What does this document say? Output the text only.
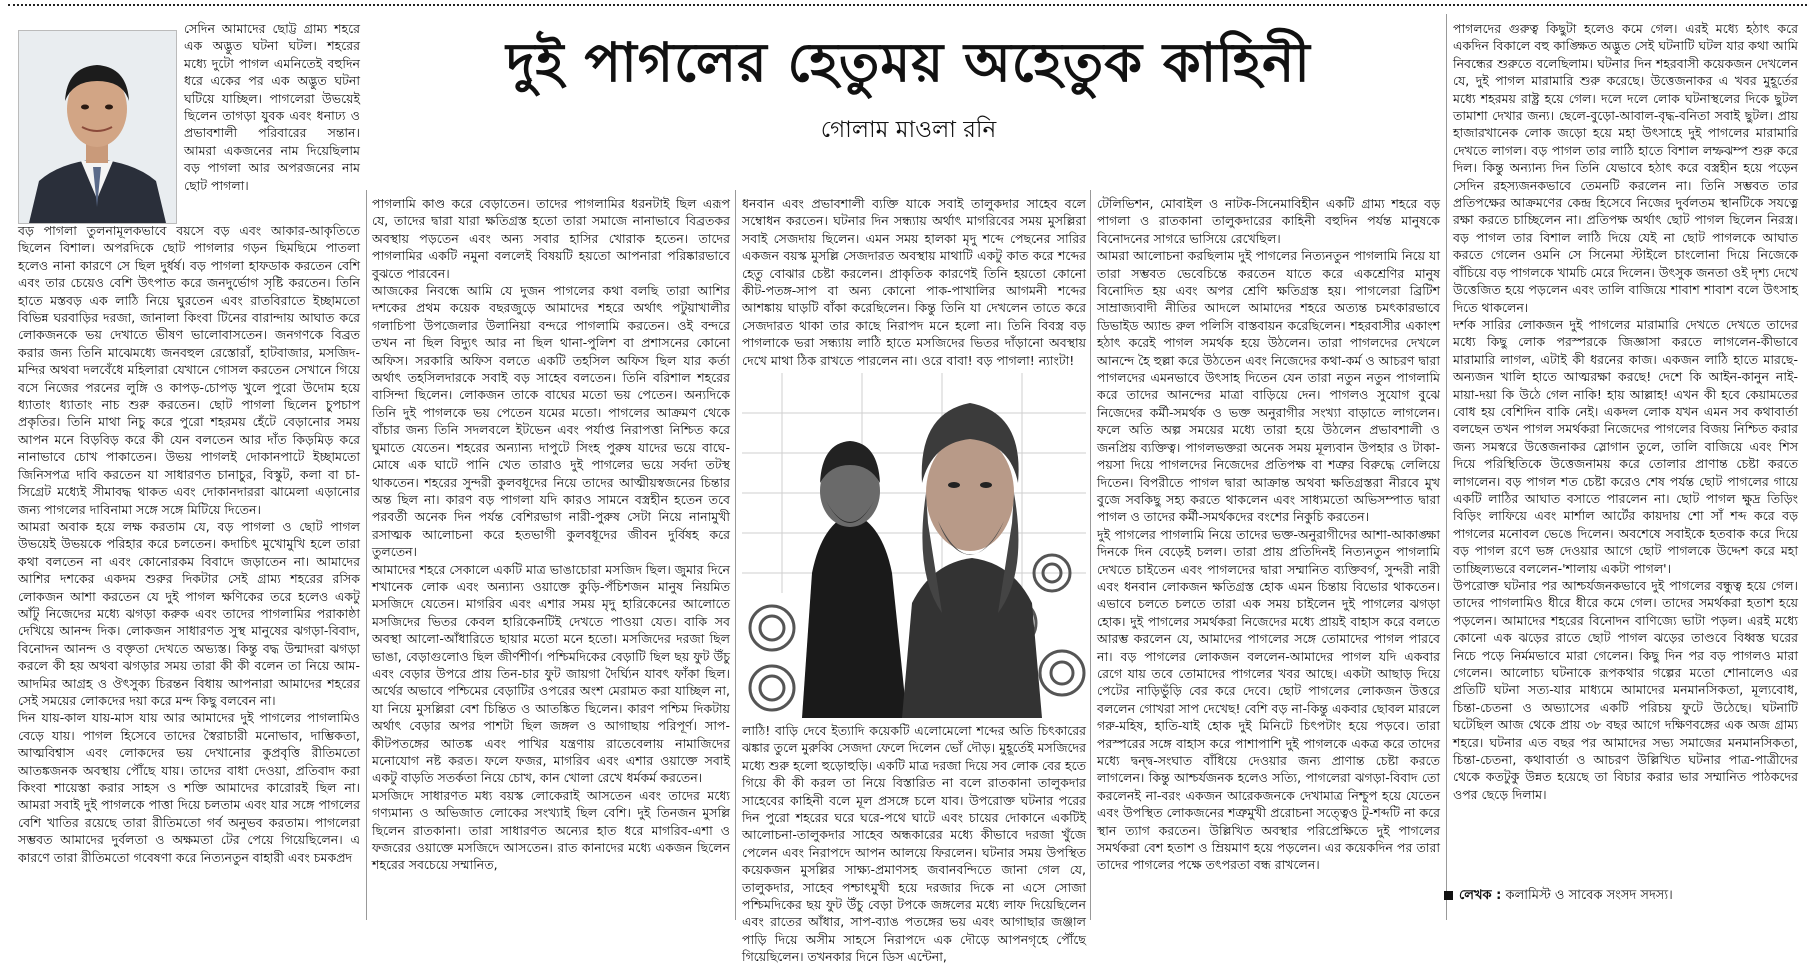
সেদিন আমাদের ছোট্ট গ্রাম্য শহরে এক অদ্ভুত ঘটনা ঘটল। শহরের মধ্যে দুটো পাগল এমনিতেই বহুদিন ধরে একের পর এক অদ্ভুত ঘটনা ঘটিয়ে যাচ্ছিল। পাগলেরা উভয়েই ছিলেন তাগড়া যুবক এবং ধনাঢ্য ও প্রভাবশালী পরিবারের সন্তান। আমরা একজনের নাম দিয়েছিলাম বড় পাগলা আর অপরজনের নাম ছোট পাগলা।

বড় পাগলা তুলনামূলকভাবে বয়সে বড় এবং আকার-আকৃতিতে ছিলেন বিশাল। অপরদিকে ছোট পাগলার গড়ন ছিমছিমে পাতলা হলেও নানা কারণে সে ছিল দুর্ধর্ষ। বড় পাগলা হাফডাক করতেন বেশি এবং তার চেয়েও বেশি উৎপাত করে জনদুর্ভোগ সৃষ্টি করতেন। তিনি হাতে মস্তবড় এক লাঠি নিয়ে ঘুরতেন এবং রাতবিরাতে ইচ্ছামতো বিভিন্ন ঘরবাড়ির দরজা, জানালা কিংবা টিনের বারান্দায় আঘাত করে লোকজনকে ভয় দেখাতে ভীষণ ভালোবাসতেন। জনগণকে বিব্রত করার জন্য তিনি মাঝেমধ্যে জনবহুল রেস্তোরাঁ, হাটবাজার, মসজিদ-মন্দির অথবা দলবেঁধে মহিলারা যেখানে গোসল করতেন সেখানে গিয়ে বসে নিজের পরনের লুঙ্গি ও কাপড়-চোপড় খুলে পুরো উদোম হয়ে ধ্যাতাং ধ্যাতাং নাচ শুরু করতেন। ছোট পাগলা ছিলেন চুপচাপ প্রকৃতির। তিনি মাথা নিচু করে পুরো শহরময় হেঁটে বেড়ানোর সময় আপন মনে বিড়বিড় করে কী যেন বলতেন আর দাঁত কিড়মিড় করে নানাভাবে চোখ পাকাতেন। উভয় পাগলই দোকানপাটে ইচ্ছামতো জিনিসপত্র দাবি করতেন যা সাধারণত চানাচুর, বিস্কুট, কলা বা চা-সিগ্রেট মধ্যেই সীমাবদ্ধ থাকত এবং দোকানদাররা ঝামেলা এড়ানোর জন্য পাগলের দাবিনামা সঙ্গে সঙ্গে মিটিয়ে দিতেন।

আমরা অবাক হয়ে লক্ষ করতাম যে, বড় পাগলা ও ছোট পাগল উভয়েই উভয়কে পরিহার করে চলতেন। কদাচিৎ মুখোমুখি হলে তারা কথা বলতেন না এবং কোনোরকম বিবাদে জড়াতেন না। আমাদের আশির দশকের একদম শুরুর দিকটার সেই গ্রাম্য শহরের রসিক লোকজন আশা করতেন যে দুই পাগল ক্ষণিকের তরে হলেও একটু আঁটু নিজেদের মধ্যে ঝগড়া করুক এবং তাদের পাগলামির পরাকাষ্ঠা দেখিয়ে আনন্দ দিক। লোকজন সাধারণত সুস্থ মানুষের ঝগড়া-বিবাদ, বিনোদন আনন্দ ও বক্তৃতা দেখতে অভ্যস্ত। কিন্তু বদ্ধ উন্মাদরা ঝগড়া করলে কী হয় অথবা ঝগড়ার সময় তারা কী কী বলেন তা নিয়ে আম-আদমির আগ্রহ ও ঔৎসুক্য চিরন্তন বিধায় আপনারা আমাদের শহরের সেই সময়ের লোকদের দয়া করে মন্দ কিছু বলবেন না।

দিন যায়-কাল যায়-মাস যায় আর আমাদের দুই পাগলের পাগলামিও বেড়ে যায়। পাগল হিসেবে তাদের স্বৈরাচারী মনোভাব, দাম্ভিকতা, আত্মবিশ্বাস এবং লোকদের ভয় দেখানোর কুপ্রবৃত্তি রীতিমতো আতঙ্কজনক অবস্থায় পৌঁছে যায়। তাদের বাধা দেওয়া, প্রতিবাদ করা কিংবা শায়েস্তা করার সাহস ও শক্তি আমাদের কারোরই ছিল না। আমরা সবাই দুই পাগলকে পাত্তা দিয়ে চলতাম এবং যার সঙ্গে পাগলের বেশি খাতির রয়েছে তারা রীতিমতো গর্ব অনুভব করতাম। পাগলেরা সম্ভবত আমাদের দুর্বলতা ও অক্ষমতা টের পেয়ে গিয়েছিলেন। এ কারণে তারা রীতিমতো গবেষণা করে নিত্যনতুন বাহারী এবং চমকপ্রদ

দুই পাগলের হেতুময় অহেতুক কাহিনী
গোলাম মাওলা রনি

পাগলামি কাণ্ড করে বেড়াতেন। তাদের পাগলামির ধরনটাই ছিল এরূপ যে, তাদের দ্বারা যারা ক্ষতিগ্রস্ত হতো তারা সমাজে নানাভাবে বিব্রতকর অবস্থায় পড়তেন এবং অন্য সবার হাসির খোরাক হতেন। তাদের পাগলামির একটি নমুনা বললেই বিষয়টি হয়তো আপনারা পরিষ্কারভাবে বুঝতে পারবেন।

আজকের নিবন্ধে আমি যে দুজন পাগলের কথা বলছি তারা আশির দশকের প্রথম কয়েক বছরজুড়ে আমাদের শহরে অর্থাৎ পটুয়াখালীর গলাচিপা উপজেলার উলানিয়া বন্দরে পাগলামি করতেন। ওই বন্দরে তখন না ছিল বিদ্যুৎ আর না ছিল থানা-পুলিশ বা প্রশাসনের কোনো অফিস। সরকারি অফিস বলতে একটি তহসিল অফিস ছিল যার কর্তা অর্থাৎ তহসিলদারকে সবাই বড় সাহেব বলতেন। তিনি বরিশাল শহরের বাসিন্দা ছিলেন। লোকজন তাকে বাঘের মতো ভয় পেতেন। অন্যদিকে তিনি দুই পাগলকে ভয় পেতেন যমের মতো। পাগলের আক্রমণ থেকে বাঁচার জন্য তিনি সদলবলে ইটভেন এবং পর্যাপ্ত নিরাপত্তা নিশ্চিত করে ঘুমাতে যেতেন। শহরের অন্যান্য দাপুটে সিংহ পুরুষ যাদের ভয়ে বাঘে-মোষে এক ঘাটে পানি খেত তারাও দুই পাগলের ভয়ে সর্বদা তটস্থ থাকতেন। শহরের সুন্দরী কুলবধূদের নিয়ে তাদের আত্মীয়স্বজনের চিন্তার অন্ত ছিল না। কারণ বড় পাগলা যদি কারও সামনে বস্ত্রহীন হতেন তবে পরবর্তী অনেক দিন পর্যন্ত বেশিরভাগ নারী-পুরুষ সেটা নিয়ে নানামুখী রসাত্মক আলোচনা করে হতভাগী কুলবধূদের জীবন দুর্বিষহ করে তুলতেন।

আমাদের শহরে সেকালে একটি মাত্র ভাঙাচোরা মসজিদ ছিল। জুমার দিনে শখানেক লোক এবং অন্যান্য ওয়াক্তে কুড়ি-পঁচিশজন মানুষ নিয়মিত মসজিদে যেতেন। মাগরিব এবং এশার সময় মৃদু হারিকেনের আলোতে মসজিদের ভিতর কেবল হারিকেনটিই দেখতে পাওয়া যেত। বাকি সব অবস্থা আলো-আঁধারিতে ছায়ার মতো মনে হতো। মসজিদের দরজা ছিল ভাঙা, বেড়াগুলোও ছিল জীর্ণশীর্ণ। পশ্চিমদিকের বেড়াটি ছিল ছয় ফুট উঁচু এবং বেড়ার উপরে প্রায় তিন-চার ফুট জায়গা দৈর্ঘ্যিন যাবৎ ফাঁকা ছিল। অর্থের অভাবে পশ্চিমের বেড়াটির ওপরের অংশ মেরামত করা যাচ্ছিল না, যা নিয়ে মুসল্লিরা বেশ চিন্তিত ও আতঙ্কিত ছিলেন। কারণ পশ্চিম দিকটায় অর্থাৎ বেড়ার অপর পাশটা ছিল জঙ্গল ও আগাছায় পরিপূর্ণ। সাপ-কীটপতঙ্গের আতঙ্ক এবং পাখির যন্ত্রণায় রাতেবেলায় নামাজিদের মনোযোগ নষ্ট করত। ফলে ফজর, মাগরিব এবং এশার ওয়াক্তে সবাই একটু বাড়তি সতর্কতা নিয়ে চোখ, কান খোলা রেখে ধর্মকর্ম করতেন।

মসজিদে সাধারণত মধ্য বয়স্ক লোকেরাই আসতেন এবং তাদের মধ্যে গণ্যমান্য ও অভিজাত লোকের সংখ্যাই ছিল বেশি। দুই তিনজন মুসল্লি ছিলেন রাতকানা। তারা সাধারণত অন্যের হাত ধরে মাগরিব-এশা ও ফজরের ওয়াক্তে মসজিদে আসতেন। রাত কানাদের মধ্যে একজন ছিলেন শহরের সবচেয়ে সম্মানিত,

ধনবান এবং প্রভাবশালী ব্যক্তি যাকে সবাই তালুকদার সাহেব বলে সম্বোধন করতেন। ঘটনার দিন সন্ধ্যায় অর্থাৎ মাগরিবের সময় মুসল্লিরা সবাই সেজদায় ছিলেন। এমন সময় হালকা মৃদু শব্দে পেছনের সারির একজন বয়স্ক মুসল্লি সেজদারত অবস্থায় মাথাটি একটু কাত করে শব্দের হেতু বোঝার চেষ্টা করলেন। প্রাকৃতিক কারণেই তিনি হয়তো কোনো কীট-পতঙ্গ-সাপ বা অন্য কোনো পাক-পাখালির আগমনী শব্দের আশঙ্কায় ঘাড়টি বাঁকা করেছিলেন। কিন্তু তিনি যা দেখলেন তাতে করে সেজদারত থাকা তার কাছে নিরাপদ মনে হলো না। তিনি বিবস্ত্র বড় পাগলাকে ভরা সন্ধ্যায় লাঠি হাতে মসজিদের ভিতর দাঁড়ানো অবস্থায় দেখে মাথা ঠিক রাখতে পারলেন না। ওরে বাবা! বড় পাগলা! ন্যাংটা!

লাঠি! বাড়ি দেবে ইত্যাদি কয়েকটি এলোমেলো শব্দের অতি চিৎকারের ঝঙ্কার তুলে মুরুব্বি সেজদা ফেলে দিলেন ভোঁ দৌড়। মুহূর্তেই মসজিদের মধ্যে শুরু হলো হুড়োহুড়ি। একটি মাত্র দরজা দিয়ে সব লোক বের হতে গিয়ে কী কী করল তা নিয়ে বিস্তারিত না বলে রাতকানা তালুকদার সাহেবের কাহিনী বলে মূল প্রসঙ্গে চলে যাব। উপরোক্ত ঘটনার পরের দিন পুরো শহরের ঘরে ঘরে-পথে ঘাটে এবং চায়ের দোকানে একটিই আলোচনা-তালুকদার সাহেব অন্ধকারের মধ্যে কীভাবে দরজা খুঁজে পেলেন এবং নিরাপদে আপন আলয়ে ফিরলেন। ঘটনার সময় উপস্থিত কয়েকজন মুসল্লির সাক্ষ্য-প্রমাণসহ জবানবন্দিতে জানা গেল যে, তালুকদার, সাহেব পশ্চাৎমুখী হয়ে দরজার দিকে না এসে সোজা পশ্চিমদিকের ছয় ফুট উঁচু বেড়া টপকে জঙ্গলের মধ্যে লাফ দিয়েছিলেন এবং রাতের আঁধার, সাপ-ব্যাঙ পতঙ্গের ভয় এবং আগাছার জঞ্জাল পাড়ি দিয়ে অসীম সাহসে নিরাপদে এক দৌড়ে আপনগৃহে পৌঁছে গিয়েছিলেন। তখনকার দিনে ডিস এন্টেনা,

টেলিভিশন, মোবাইল ও নাটক-সিনেমাবিহীন একটি গ্রাম্য শহরে বড় পাগলা ও রাতকানা তালুকদারের কাহিনী বহুদিন পর্যন্ত মানুষকে বিনোদনের সাগরে ভাসিয়ে রেখেছিল।

আমরা আলোচনা করছিলাম দুই পাগলের নিত্যনতুন পাগলামি নিয়ে যা তারা সম্ভবত ভেবেচিন্তে করতেন যাতে করে একশ্রেণির মানুষ বিনোদিত হয় এবং অপর শ্রেণি ক্ষতিগ্রস্ত হয়। পাগলেরা ব্রিটিশ সাম্রাজ্যবাদী নীতির আদলে আমাদের শহরে অত্যন্ত চমৎকারভাবে ডিভাইড অ্যান্ড রুল পলিসি বাস্তবায়ন করেছিলেন। শহরবাসীর একাংশ হঠাৎ করেই পাগল সমর্থক হয়ে উঠলেন। তারা পাগলদের দেখলে আনন্দে হৈ হুল্লা করে উঠতেন এবং নিজেদের কথা-কর্ম ও আচরণ দ্বারা পাগলদের এমনভাবে উৎসাহ দিতেন যেন তারা নতুন নতুন পাগলামি করে তাদের আনন্দের মাত্রা বাড়িয়ে দেন। পাগলও সুযোগ বুঝে নিজেদের কর্মী-সমর্থক ও ভক্ত অনুরাগীর সংখ্যা বাড়াতে লাগলেন। ফলে অতি অল্প সময়ের মধ্যে তারা হয়ে উঠলেন প্রভাবশালী ও জনপ্রিয় ব্যক্তিত্ব। পাগলভক্তরা অনেক সময় মূল্যবান উপহার ও টাকা-পয়সা দিয়ে পাগলদের নিজেদের প্রতিপক্ষ বা শত্রুর বিরুদ্ধে লেলিয়ে দিতেন। বিপরীতে পাগল দ্বারা আক্রান্ত অথবা ক্ষতিগ্রস্তরা নীরবে মুখ বুজে সবকিছু সহ্য করতে থাকলেন এবং সাধ্যমতো অভিসম্পাত দ্বারা পাগল ও তাদের কর্মী-সমর্থকদের বংশের নিকুচি করতেন।

দুই পাগলের পাগলামি নিয়ে তাদের ভক্ত-অনুরাগীদের আশা-আকাঙ্ক্ষা দিনকে দিন বেড়েই চলল। তারা প্রায় প্রতিদিনই নিত্যনতুন পাগলামি দেখতে চাইতেন এবং পাগলদের দ্বারা সম্মানিত ব্যক্তিবর্গ, সুন্দরী নারী এবং ধনবান লোকজন ক্ষতিগ্রস্ত হোক এমন চিন্তায় বিভোর থাকতেন। এভাবে চলতে চলতে তারা এক সময় চাইলেন দুই পাগলের ঝগড়া হোক। দুই পাগলের সমর্থকরা নিজেদের মধ্যে প্রায়ই বাহাস করে বলতে আরম্ভ করলেন যে, আমাদের পাগলের সঙ্গে তোমাদের পাগল পারবে না। বড় পাগলের লোকজন বললেন-আমাদের পাগল যদি একবার রেগে যায় তবে তোমাদের পাগলের খবর আছে। একটা আছাড় দিয়ে পেটের নাড়িভুঁড়ি বের করে দেবে। ছোট পাগলের লোকজন উত্তরে বললেন গোখরা সাপ দেখেছ! বেশি বড় না-কিন্তু একবার ছোবল মারলে গরু-মহিষ, হাতি-যাই হোক দুই মিনিটে চিৎপটাং হয়ে পড়বে। তারা পরস্পরের সঙ্গে বাহাস করে পাশাপাশি দুই পাগলকে একত্র করে তাদের মধ্যে দ্বন্দ্ব-সংঘাত বাঁধিয়ে দেওয়ার জন্য প্রাণান্ত চেষ্টা করতে লাগলেন। কিন্তু আশ্চর্যজনক হলেও সত্যি, পাগলেরা ঝগড়া-বিবাদ তো করলেনই না-বরং একজন আরেকজনকে দেখামাত্র নিশ্চুপ হয়ে যেতেন এবং উপস্থিত লোকজনের শত্রুমুখী প্ররোচনা সত্ত্বেও টু-শব্দটি না করে স্থান ত্যাগ করতেন। উল্লিখিত অবস্থার পরিপ্রেক্ষিতে দুই পাগলের সমর্থকরা বেশ হতাশ ও ম্রিয়মাণ হয়ে পড়লেন। এর কয়েকদিন পর তারা তাদের পাগলের পক্ষে তৎপরতা বন্ধ রাখলেন।

পাগলদের গুরুত্ব কিছুটা হলেও কমে গেল। এরই মধ্যে হঠাৎ করে একদিন বিকালে বহু কাঙ্ক্ষিত অদ্ভুত সেই ঘটনাটি ঘটল যার কথা আমি নিবন্ধের শুরুতে বলেছিলাম। ঘটনার দিন শহরবাসী কয়েকজন দেখলেন যে, দুই পাগল মারামারি শুরু করেছে। উত্তেজনাকর এ খবর মুহূর্তের মধ্যে শহরময় রাষ্ট্র হয়ে গেল। দলে দলে লোক ঘটনাস্থলের দিকে ছুটল তামাশা দেখার জন্য। ছেলে-বুড়ো-আবাল-বৃদ্ধ-বনিতা সবাই ছুটল। প্রায় হাজারখানেক লোক জড়ো হয়ে মহা উৎসাহে দুই পাগলের মারামারি দেখতে লাগল। বড় পাগল তার লাঠি হাতে বিশাল লম্ফঝম্প শুরু করে দিল। কিন্তু অন্যান্য দিন তিনি যেভাবে হঠাৎ করে বস্ত্রহীন হয়ে পড়েন সেদিন রহস্যজনকভাবে তেমনটি করলেন না। তিনি সম্ভবত তার প্রতিপক্ষের আক্রমণের কেন্দ্র হিসেবে নিজের দুর্বলতম স্থানটিকে সযত্নে রক্ষা করতে চাচ্ছিলেন না। প্রতিপক্ষ অর্থাৎ ছোট পাগল ছিলেন নিরস্ত্র। বড় পাগল তার বিশাল লাঠি দিয়ে যেই না ছোট পাগলকে আঘাত করতে গেলেন ওমনি সে সিনেমা স্টাইলে চাংলোনা দিয়ে নিজেকে বাঁচিয়ে বড় পাগলকে খামচি মেরে দিলেন। উৎসুক জনতা ওই দৃশ্য দেখে উত্তেজিত হয়ে পড়লেন এবং তালি বাজিয়ে শাবাশ শাবাশ বলে উৎসাহ দিতে থাকলেন।

দর্শক সারির লোকজন দুই পাগলের মারামারি দেখতে দেখতে তাদের মধ্যে কিছু লোক পরস্পরকে জিজ্ঞাসা করতে লাগলেন-কীভাবে মারামারি লাগল, এটাই কী ধরনের কাজ। একজন লাঠি হাতে মারছে-অন্যজন খালি হাতে আত্মরক্ষা করছে! দেশে কি আইন-কানুন নাই-মায়া-দয়া কি উঠে গেল নাকি! হায় আল্লাহ! এখন কী হবে কেয়ামতের বোধ হয় বেশিদিন বাকি নেই। একদল লোক যখন এমন সব কথাবার্তা বলছেন তখন পাগল সমর্থকরা নিজেদের পাগলের বিজয় নিশ্চিত করার জন্য সমস্বরে উত্তেজনাকর স্লোগান তুলে, তালি বাজিয়ে এবং শিস দিয়ে পরিস্থিতিকে উত্তেজনাময় করে তোলার প্রাণান্ত চেষ্টা করতে লাগলেন। বড় পাগল শত চেষ্টা করেও শেষ পর্যন্ত ছোট পাগলের গায়ে একটি লাঠির আঘাত বসাতে পারলেন না। ছোট পাগল ক্ষুদ্র তিড়িং বিড়িং লাফিয়ে এবং মার্শাল আর্টের কায়দায় শো সাঁ শব্দ করে বড় পাগলের মনোবল ভেঙে দিলেন। অবশেষে সবাইকে হতবাক করে দিয়ে বড় পাগল রণে ভঙ্গ দেওয়ার আগে ছোট পাগলকে উদ্দেশ করে মহা তাচ্ছিল্যভরে বললেন-'শালায় একটা পাগল'।

উপরোক্ত ঘটনার পর আশ্চর্যজনকভাবে দুই পাগলের বন্ধুত্ব হয়ে গেল। তাদের পাগলামিও ধীরে ধীরে কমে গেল। তাদের সমর্থকরা হতাশ হয়ে পড়লেন। আমাদের শহরের বিনোদন বাণিজ্যে ভাটা পড়ল। এরই মধ্যে কোনো এক ঝড়ের রাতে ছোট পাগল ঝড়ের তাণ্ডবে বিধ্বস্ত ঘরের নিচে পড়ে নির্মমভাবে মারা গেলেন। কিছু দিন পর বড় পাগলও মারা গেলেন। আলোচ্য ঘটনাকে রূপকথার গল্পের মতো শোনালেও এর প্রতিটি ঘটনা সত্য-যার মাধ্যমে আমাদের মনমানসিকতা, মূল্যবোধ, চিন্তা-চেতনা ও অভ্যাসের একটি পরিচয় ফুটে উঠেছে। ঘটনাটি ঘটেছিল আজ থেকে প্রায় ৩৮ বছর আগে দক্ষিণবঙ্গের এক অজ গ্রাম্য শহরে। ঘটনার এত বছর পর আমাদের সভ্য সমাজের মনমানসিকতা, চিন্তা-চেতনা, কথাবার্তা ও আচরণ উল্লিখিত ঘটনার পাত্র-পাত্রীদের থেকে কতটুকু উন্নত হয়েছে তা বিচার করার ভার সম্মানিত পাঠকদের ওপর ছেড়ে দিলাম।

লেখক : কলামিস্ট ও সাবেক সংসদ সদস্য।
